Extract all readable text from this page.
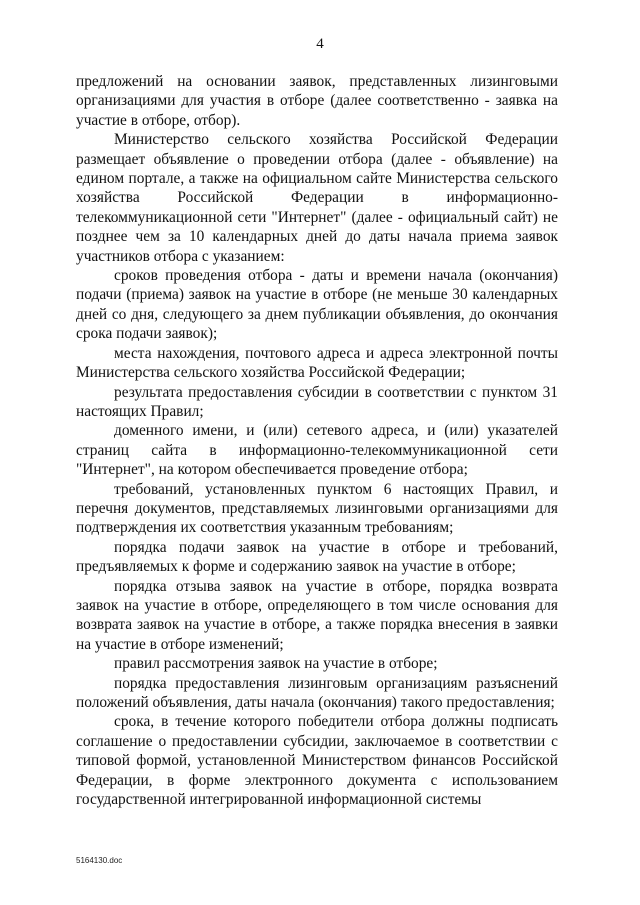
4

предложений на основании заявок, представленных лизинговыми организациями для участия в отборе (далее соответственно - заявка на участие в отборе, отбор).

Министерство сельского хозяйства Российской Федерации размещает объявление о проведении отбора (далее - объявление) на едином портале, а также на официальном сайте Министерства сельского хозяйства Российской Федерации в информационно-телекоммуникационной сети "Интернет" (далее - официальный сайт) не позднее чем за 10 календарных дней до даты начала приема заявок участников отбора с указанием:

сроков проведения отбора - даты и времени начала (окончания) подачи (приема) заявок на участие в отборе (не меньше 30 календарных дней со дня, следующего за днем публикации объявления, до окончания срока подачи заявок);

места нахождения, почтового адреса и адреса электронной почты Министерства сельского хозяйства Российской Федерации;

результата предоставления субсидии в соответствии с пунктом 31 настоящих Правил;

доменного имени, и (или) сетевого адреса, и (или) указателей страниц сайта в информационно-телекоммуникационной сети "Интернет", на котором обеспечивается проведение отбора;

требований, установленных пунктом 6 настоящих Правил, и перечня документов, представляемых лизинговыми организациями для подтверждения их соответствия указанным требованиям;

порядка подачи заявок на участие в отборе и требований, предъявляемых к форме и содержанию заявок на участие в отборе;

порядка отзыва заявок на участие в отборе, порядка возврата заявок на участие в отборе, определяющего в том числе основания для возврата заявок на участие в отборе, а также порядка внесения в заявки на участие в отборе изменений;

правил рассмотрения заявок на участие в отборе;

порядка предоставления лизинговым организациям разъяснений положений объявления, даты начала (окончания) такого предоставления;

срока, в течение которого победители отбора должны подписать соглашение о предоставлении субсидии, заключаемое в соответствии с типовой формой, установленной Министерством финансов Российской Федерации, в форме электронного документа с использованием государственной интегрированной информационной системы

5164130.doc
